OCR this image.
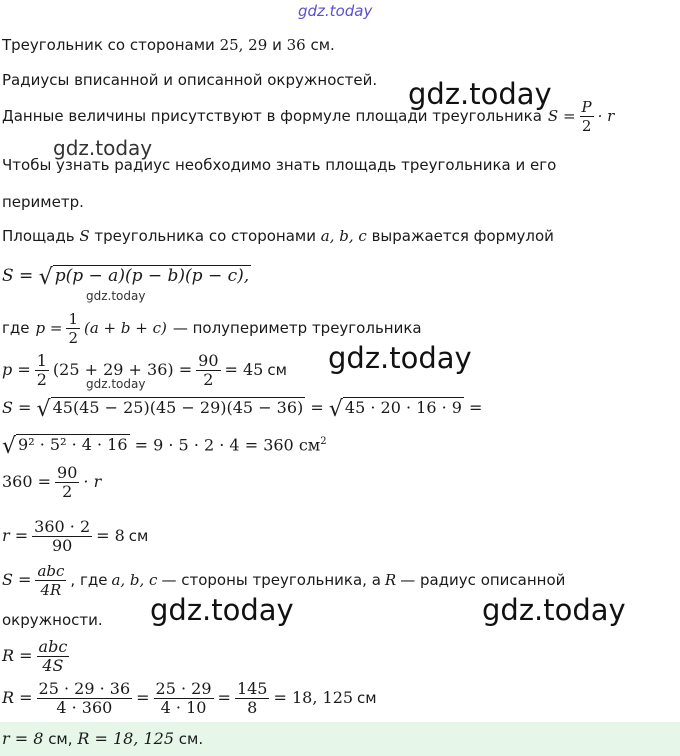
gdz.today
gdz.today
gdz.today
gdz.today
gdz.today
gdz.today
gdz.today	gdz.today
Треугольник со сторонами 25, 29 и 36 см.
Радиусы вписанной и описанной окружностей.
Данные величины присутствуют в формуле площади треугольника $S = \frac{P}{2} \cdot r$
Чтобы узнать радиус необходимо знать площадь треугольника и его
периметр.
Площадь S треугольника со сторонами a, b, c выражается формулой
S = √ p(p − a)(p − b)(p − c),
где $p = \frac{1}{2} (a + b + c)$ — полупериметр треугольника
$p = \frac{1}{2} (25 + 29 + 36) = \frac{90}{2} = 45$ см
S = √ 45(45 − 25)(45 − 29)(45 − 36) = √ 45 · 20 · 16 · 9 =
√ 9² · 5² · 4 · 16 = 9 · 5 · 2 · 4 = 360 $см^2$
$360 = \frac{90}{2} \cdot r$
$r = \frac{360 \cdot 2}{90} = 8$ см
$S = \frac{\text{abc}}{4R}$ , где a, b, c — стороны треугольника, а R — радиус описанной
окружности.
$R = \frac{\text{abc}}{4S}$
$R = \frac{25 \cdot 29 \cdot 36}{4 \cdot 360} = \frac{25 \cdot 29}{4 \cdot 10} = \frac{145}{8} = 18$, 125 см
r = 8 см, R = 18, 125 см.
